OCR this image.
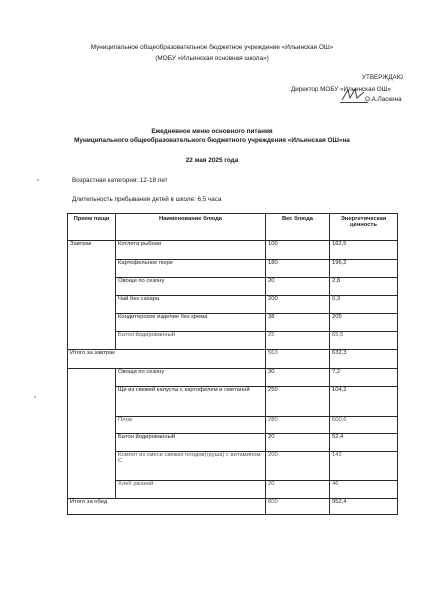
Муниципальное общеобразовательное бюджетное учреждение «Ильинская ОШ»
(МОБУ «Ильинская основная школа»)
УТВЕРЖДАЮ
Директор МОБУ «Ильинская ОШ»
О.А.Ласкина
Ежедневное меню основного питания
Муниципального общеобразовательного бюджетного учреждения «Ильинская ОШ»на
22 мая 2025 года
Возрастная категория: 12-18 лет
Длительность пребывания детей в школе: 6,5 часа
Прием пищи	Наименование блюда	Вес блюда	Энергетическая ценность
Завтрак	Котлета рыбная	100	162,5
	Картофельное пюре	180	196,2
	Овощи по сезону	20	2,8
	Чай без сахара	200	0,3
	Кондитерское изделие без крема	38	205
	Батон йодированный	25	65,5
Итого за завтрак		563	632,3
	Овощи по сезону	30	7,2
	Щи из свежей капусты с картофелем и сметаной	250	104,2
	Плов	280	600,6
	Батон йодированный	20	52,4
	Компот из смеси свежих плодов(груша) с витамином С	200	142
	Хлеб ржаной	20	46
Итого за обед		800	952,4
